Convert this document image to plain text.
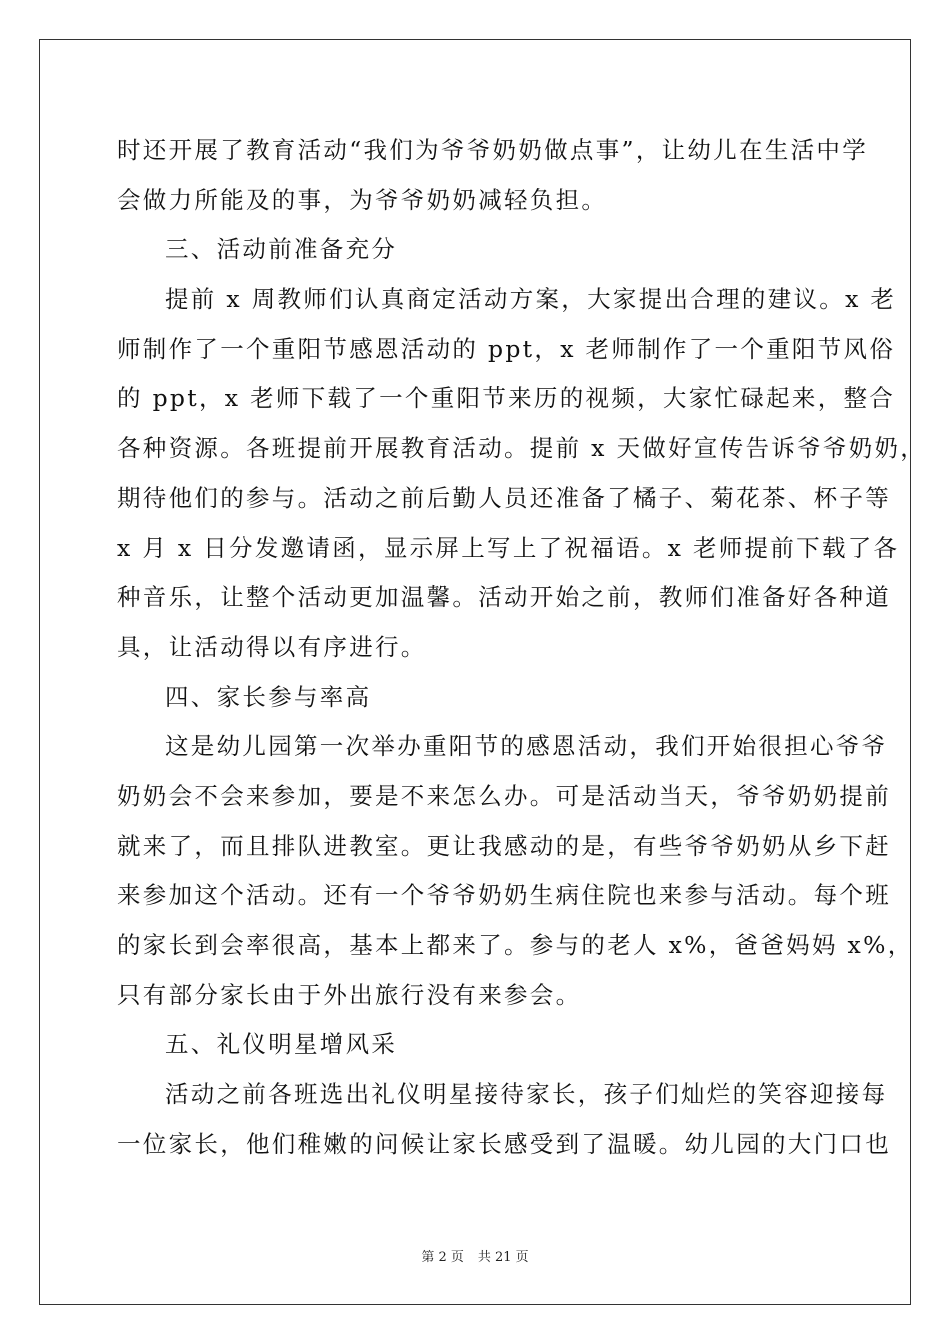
时还开展了教育活动“我们为爷爷奶奶做点事”，让幼儿在生活中学
会做力所能及的事，为爷爷奶奶减轻负担。
三、活动前准备充分
提前 x 周教师们认真商定活动方案，大家提出合理的建议。x 老
师制作了一个重阳节感恩活动的 ppt，x 老师制作了一个重阳节风俗
的 ppt，x 老师下载了一个重阳节来历的视频，大家忙碌起来，整合
各种资源。各班提前开展教育活动。提前 x 天做好宣传告诉爷爷奶奶，
期待他们的参与。活动之前后勤人员还准备了橘子、菊花茶、杯子等
x 月 x 日分发邀请函，显示屏上写上了祝福语。x 老师提前下载了各
种音乐，让整个活动更加温馨。活动开始之前，教师们准备好各种道
具，让活动得以有序进行。
四、家长参与率高
这是幼儿园第一次举办重阳节的感恩活动，我们开始很担心爷爷
奶奶会不会来参加，要是不来怎么办。可是活动当天，爷爷奶奶提前
就来了，而且排队进教室。更让我感动的是，有些爷爷奶奶从乡下赶
来参加这个活动。还有一个爷爷奶奶生病住院也来参与活动。每个班
的家长到会率很高，基本上都来了。参与的老人 x%，爸爸妈妈 x%，
只有部分家长由于外出旅行没有来参会。
五、礼仪明星增风采
活动之前各班选出礼仪明星接待家长，孩子们灿烂的笑容迎接每
一位家长，他们稚嫩的问候让家长感受到了温暖。幼儿园的大门口也
第 2 页 共 21 页
